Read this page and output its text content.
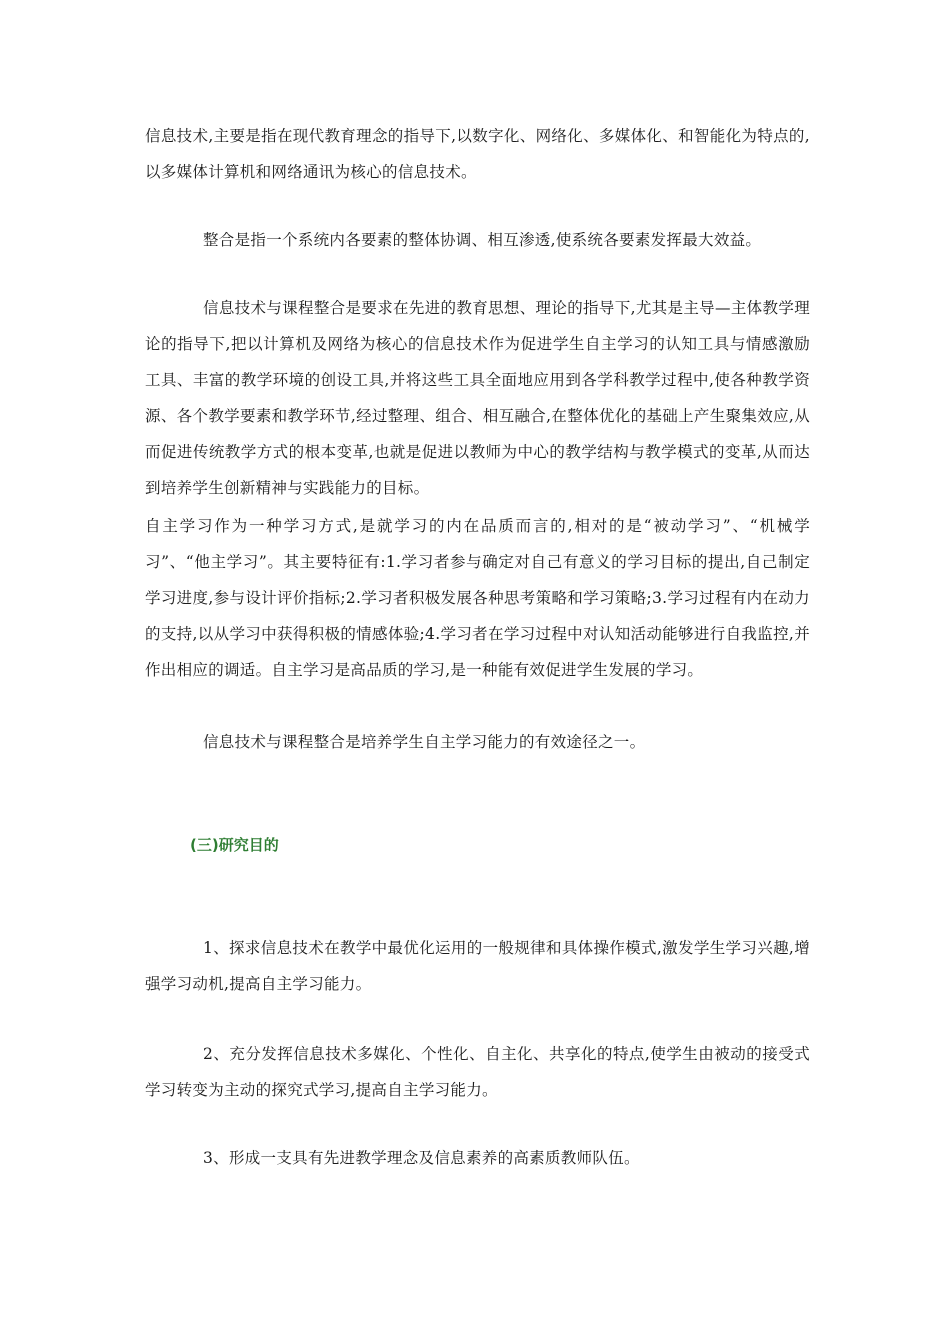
信息技术,主要是指在现代教育理念的指导下,以数字化、网络化、多媒体化、和智能化为特点的,以多媒体计算机和网络通讯为核心的信息技术。

整合是指一个系统内各要素的整体协调、相互渗透,使系统各要素发挥最大效益。

信息技术与课程整合是要求在先进的教育思想、理论的指导下,尤其是主导—主体教学理论的指导下,把以计算机及网络为核心的信息技术作为促进学生自主学习的认知工具与情感激励工具、丰富的教学环境的创设工具,并将这些工具全面地应用到各学科教学过程中,使各种教学资源、各个教学要素和教学环节,经过整理、组合、相互融合,在整体优化的基础上产生聚集效应,从而促进传统教学方式的根本变革,也就是促进以教师为中心的教学结构与教学模式的变革,从而达到培养学生创新精神与实践能力的目标。

自主学习作为一种学习方式,是就学习的内在品质而言的,相对的是“被动学习”、“机械学习”、“他主学习”。其主要特征有:1.学习者参与确定对自己有意义的学习目标的提出,自己制定学习进度,参与设计评价指标;2.学习者积极发展各种思考策略和学习策略;3.学习过程有内在动力的支持,以从学习中获得积极的情感体验;4.学习者在学习过程中对认知活动能够进行自我监控,并作出相应的调适。自主学习是高品质的学习,是一种能有效促进学生发展的学习。

信息技术与课程整合是培养学生自主学习能力的有效途径之一。

(三)研究目的

1、探求信息技术在教学中最优化运用的一般规律和具体操作模式,激发学生学习兴趣,增强学习动机,提高自主学习能力。

2、充分发挥信息技术多媒化、个性化、自主化、共享化的特点,使学生由被动的接受式学习转变为主动的探究式学习,提高自主学习能力。

3、形成一支具有先进教学理念及信息素养的高素质教师队伍。
